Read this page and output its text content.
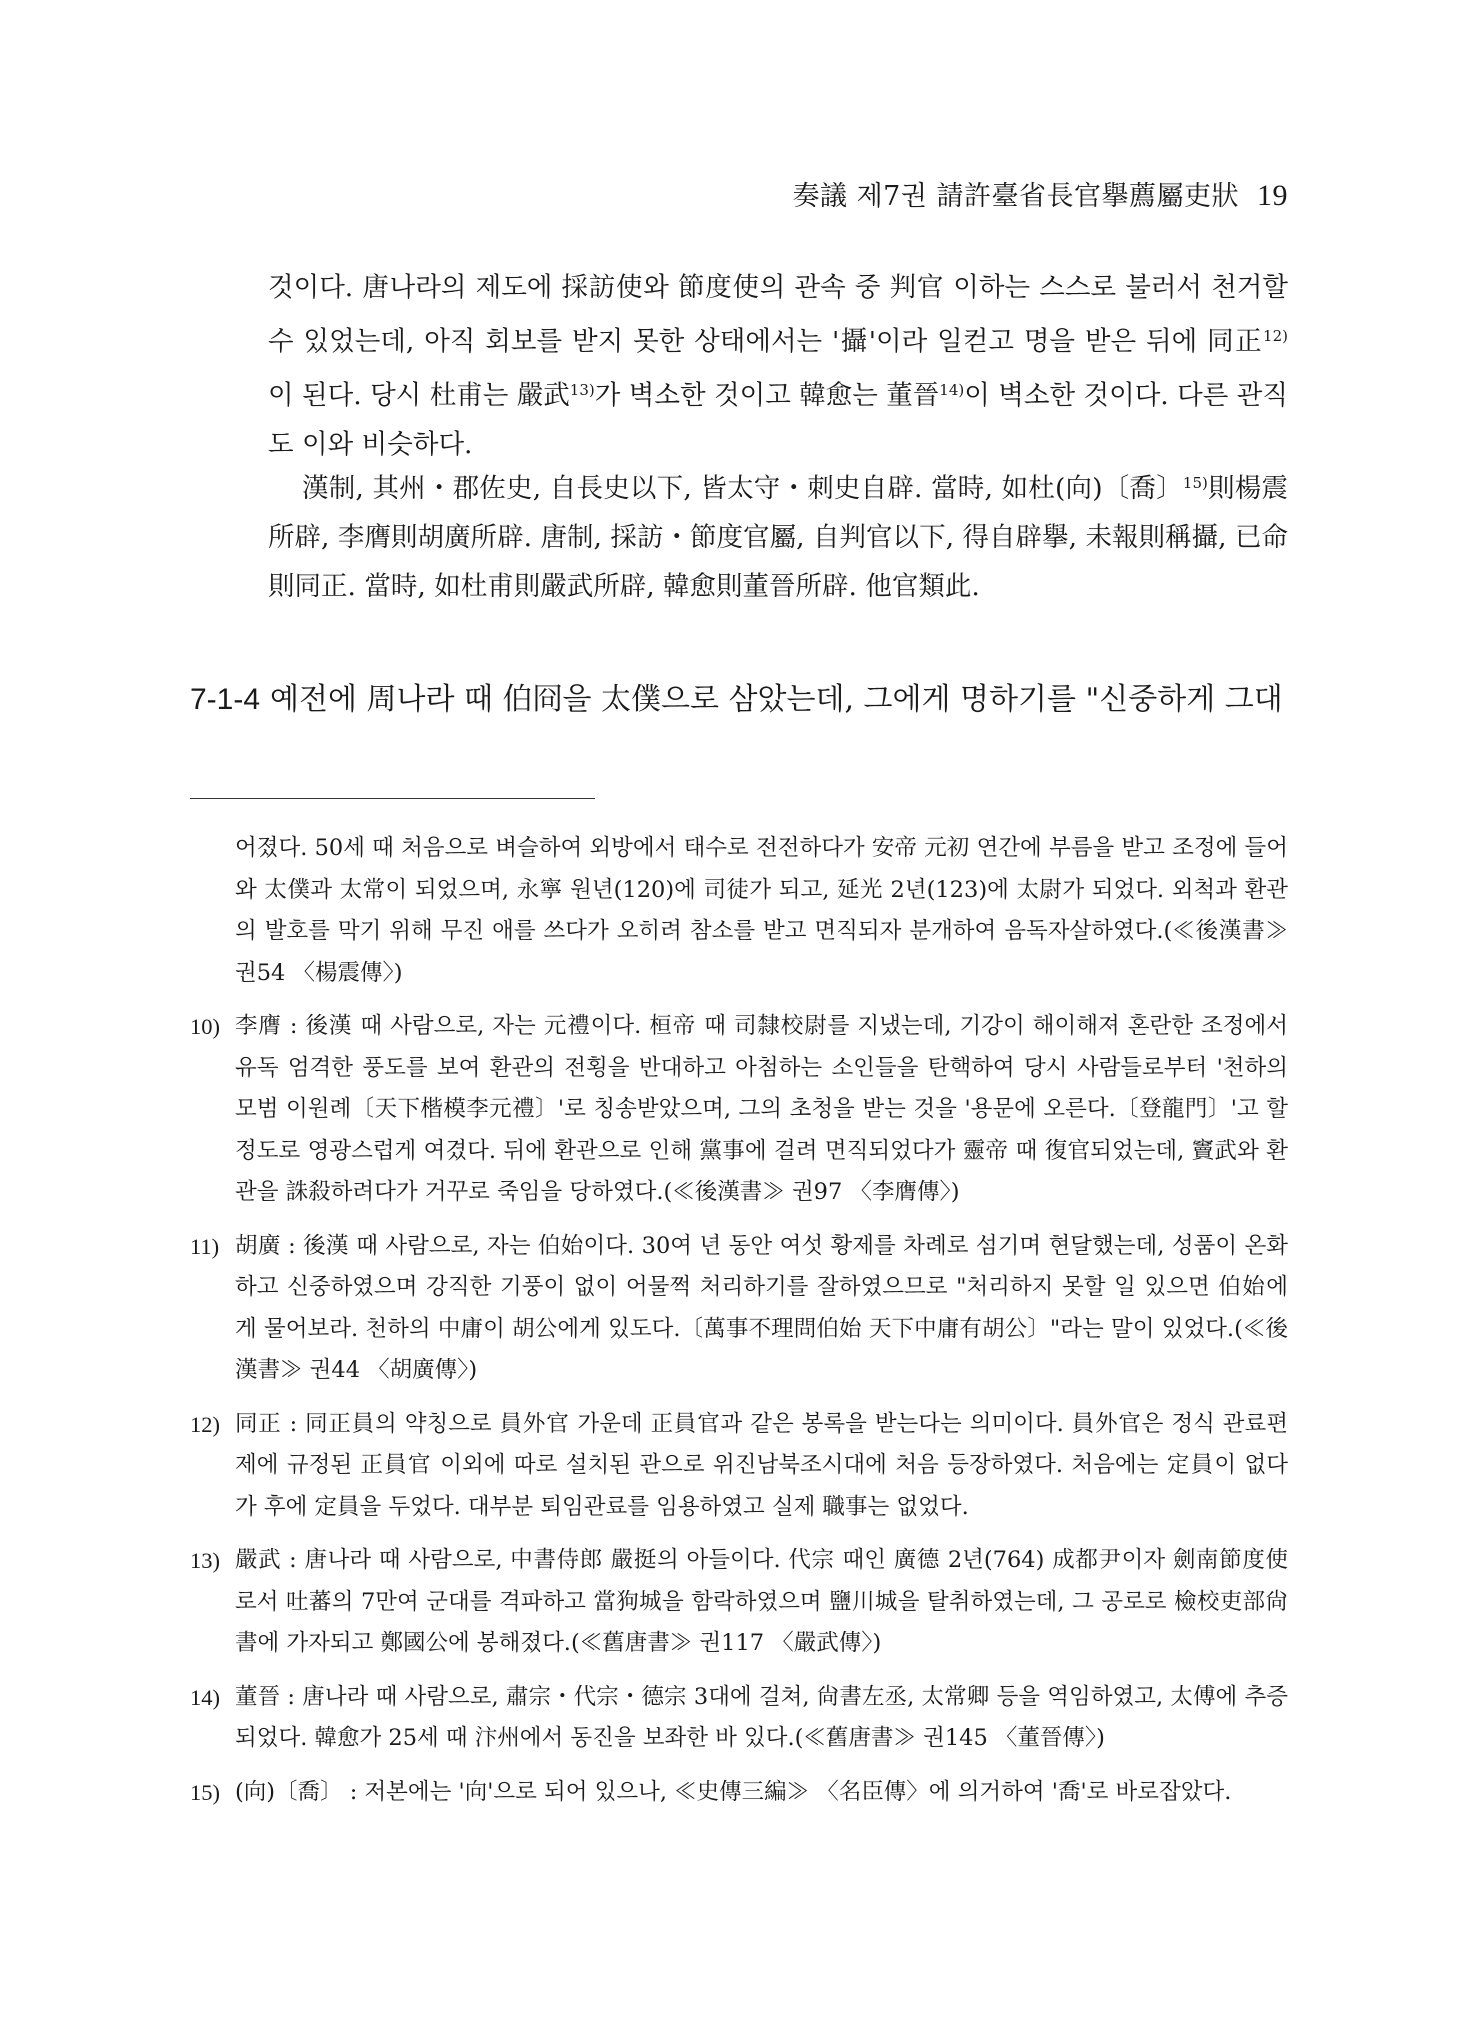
奏議 제7권 請許臺省長官擧薦屬吏狀 19

것이다. 唐나라의 제도에 採訪使와 節度使의 관속 중 判官 이하는 스스로 불러서 천거할 수 있었는데, 아직 회보를 받지 못한 상태에서는 '攝'이라 일컫고 명을 받은 뒤에 同正$^{12)}$ 이 된다. 당시 杜甫는 嚴武$^{13)}$가 벽소한 것이고 韓愈는 董晉$^{14)}$이 벽소한 것이다. 다른 관직도 이와 비슷하다.

漢制, 其州・郡佐史, 自長史以下, 皆太守・刺史自辟. 當時, 如杜(向)〔喬〕$^{15)}$則楊震所辟, 李膺則胡廣所辟. 唐制, 採訪・節度官屬, 自判官以下, 得自辟擧, 未報則稱攝, 已命則同正. 當時, 如杜甫則嚴武所辟, 韓愈則董晉所辟. 他官類此.

7-1-4 예전에 周나라 때 伯冏을 太僕으로 삼았는데, 그에게 명하기를 "신중하게 그대

어졌다. 50세 때 처음으로 벼슬하여 외방에서 태수로 전전하다가 安帝 元初 연간에 부름을 받고 조정에 들어와 太僕과 太常이 되었으며, 永寧 원년(120)에 司徒가 되고, 延光 2년(123)에 太尉가 되었다. 외척과 환관의 발호를 막기 위해 무진 애를 쓰다가 오히려 참소를 받고 면직되자 분개하여 음독자살하였다.(≪後漢書≫ 권54 〈楊震傳〉)

10) 李膺 : 後漢 때 사람으로, 자는 元禮이다. 桓帝 때 司隸校尉를 지냈는데, 기강이 해이해져 혼란한 조정에서 유독 엄격한 풍도를 보여 환관의 전횡을 반대하고 아첨하는 소인들을 탄핵하여 당시 사람들로부터 '천하의 모범 이원례〔天下楷模李元禮〕'로 칭송받았으며, 그의 초청을 받는 것을 '용문에 오른다.〔登龍門〕'고 할 정도로 영광스럽게 여겼다. 뒤에 환관으로 인해 黨事에 걸려 면직되었다가 靈帝 때 復官되었는데, 竇武와 환관을 誅殺하려다가 거꾸로 죽임을 당하였다.(≪後漢書≫ 권97 〈李膺傳〉)
11) 胡廣 : 後漢 때 사람으로, 자는 伯始이다. 30여 년 동안 여섯 황제를 차례로 섬기며 현달했는데, 성품이 온화하고 신중하였으며 강직한 기풍이 없이 어물쩍 처리하기를 잘하였으므로 "처리하지 못할 일 있으면 伯始에게 물어보라. 천하의 中庸이 胡公에게 있도다.〔萬事不理問伯始 天下中庸有胡公〕"라는 말이 있었다.(≪後漢書≫ 권44 〈胡廣傳〉)
12) 同正 : 同正員의 약칭으로 員外官 가운데 正員官과 같은 봉록을 받는다는 의미이다. 員外官은 정식 관료편제에 규정된 正員官 이외에 따로 설치된 관으로 위진남북조시대에 처음 등장하였다. 처음에는 定員이 없다가 후에 定員을 두었다. 대부분 퇴임관료를 임용하였고 실제 職事는 없었다.
13) 嚴武 : 唐나라 때 사람으로, 中書侍郎 嚴挺의 아들이다. 代宗 때인 廣德 2년(764) 成都尹이자 劍南節度使로서 吐蕃의 7만여 군대를 격파하고 當狗城을 함락하였으며 鹽川城을 탈취하였는데, 그 공로로 檢校吏部尙書에 가자되고 鄭國公에 봉해졌다.(≪舊唐書≫ 권117 〈嚴武傳〉)
14) 董晉 : 唐나라 때 사람으로, 肅宗・代宗・德宗 3대에 걸쳐, 尙書左丞, 太常卿 등을 역임하였고, 太傅에 추증되었다. 韓愈가 25세 때 汴州에서 동진을 보좌한 바 있다.(≪舊唐書≫ 권145 〈董晉傳〉)
15) (向)〔喬〕 : 저본에는 '向'으로 되어 있으나, ≪史傳三編≫ 〈名臣傳〉에 의거하여 '喬'로 바로잡았다.
